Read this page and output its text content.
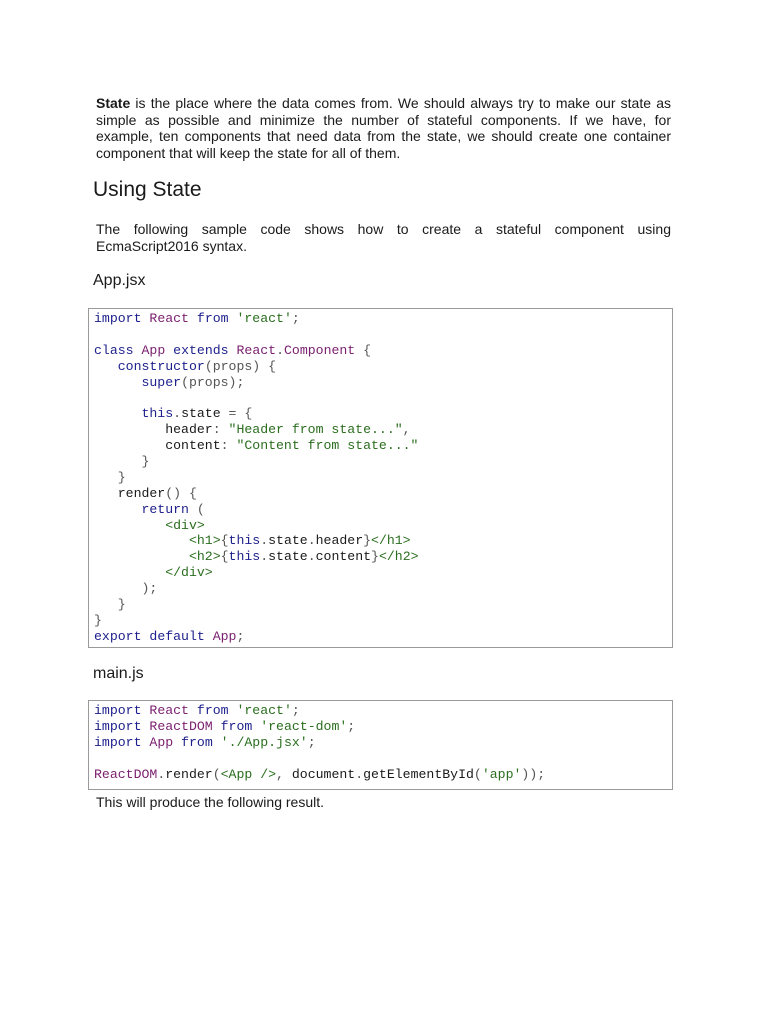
State is the place where the data comes from. We should always try to make our state as simple as possible and minimize the number of stateful components. If we have, for example, ten components that need data from the state, we should create one container component that will keep the state for all of them.

Using State

The following sample code shows how to create a stateful component using EcmaScript2016 syntax.

App.jsx

import React from 'react';
class App extends React.Component {
constructor(props) {
super(props);
this.state = {
header: "Header from state...",
content: "Content from state..."
}
}
render() {
return (
<div>
<h1>{this.state.header}</h1>
<h2>{this.state.content}</h2>
</div>
);
}
}
export default App;

main.js

import React from 'react';
import ReactDOM from 'react-dom';
import App from './App.jsx';
ReactDOM.render(<App />, document.getElementById('app'));

This will produce the following result.
